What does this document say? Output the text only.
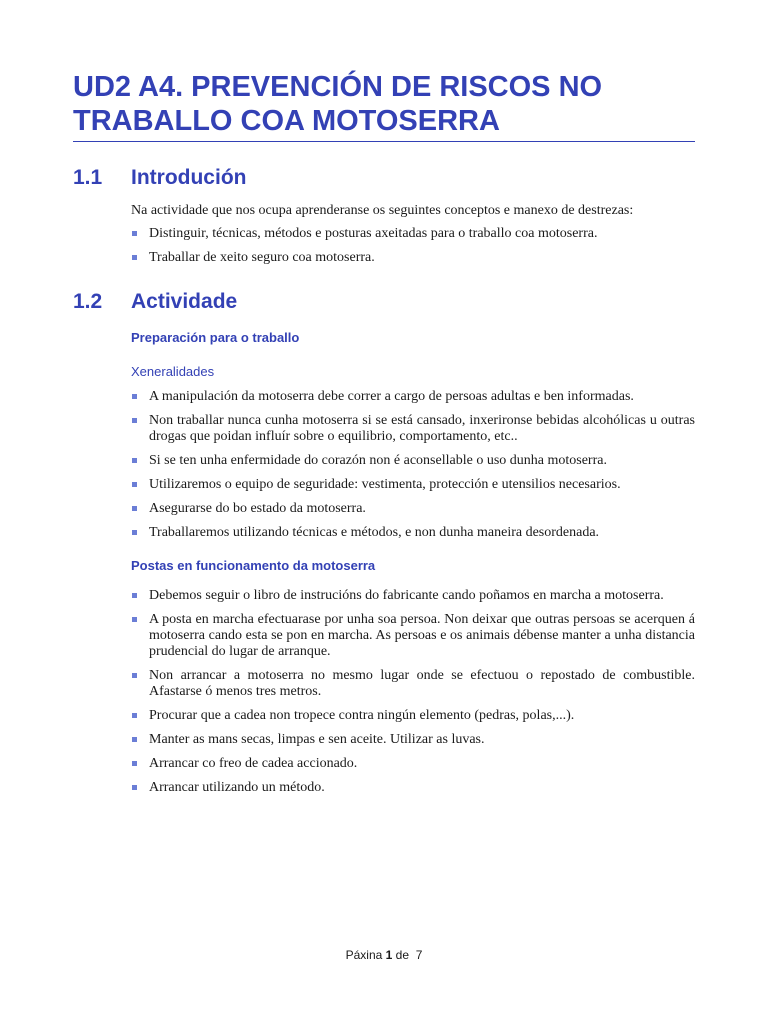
UD2 A4. PREVENCIÓN DE RISCOS NO TRABALLO COA MOTOSERRA
1.1	Introdución

Na actividade que nos ocupa aprenderanse os seguintes conceptos e manexo de destrezas:

Distinguir, técnicas, métodos e posturas axeitadas para o traballo coa motoserra.
Traballar de xeito seguro coa motoserra.
1.2	Actividade

Preparación para o traballo

Xeneralidades

A manipulación da motoserra debe correr a cargo de persoas adultas e ben informadas.
Non traballar nunca cunha motoserra si se está cansado, inxerironse bebidas alcohólicas u outras drogas que poidan influír sobre o equilibrio, comportamento, etc..
Si se ten unha enfermidade do corazón non é aconsellable o uso dunha motoserra.
Utilizaremos o equipo de seguridade: vestimenta, protección e utensilios necesarios.
Asegurarse do bo estado da motoserra.
Traballaremos utilizando técnicas e métodos, e non dunha maneira desordenada.

Postas en funcionamento da motoserra

Debemos seguir o libro de instrucións do fabricante cando poñamos en marcha a motoserra.
A posta en marcha efectuarase por unha soa persoa. Non deixar que outras persoas se acerquen á motoserra cando esta se pon en marcha. As persoas e os animais débense manter a unha distancia prudencial do lugar de arranque.
Non arrancar a motoserra no mesmo lugar onde se efectuou o repostado de combustible. Afastarse ó menos tres metros.
Procurar que a cadea non tropece contra ningún elemento (pedras, polas,...).
Manter as mans secas, limpas e sen aceite. Utilizar as luvas.
Arrancar co freo de cadea accionado.
Arrancar utilizando un método.
Páxina 1 de 7
